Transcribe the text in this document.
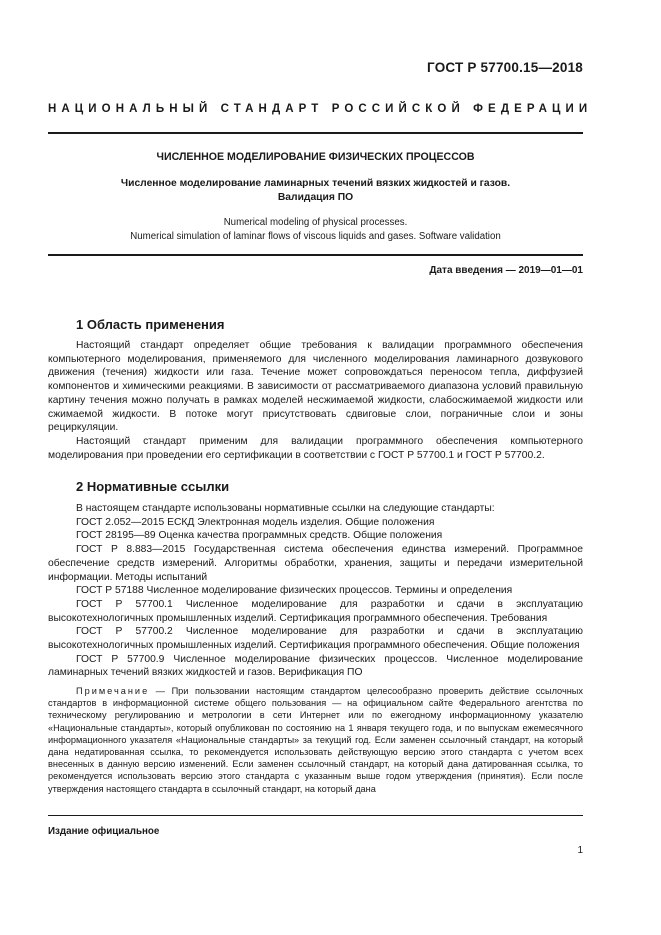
ГОСТ Р 57700.15—2018
НАЦИОНАЛЬНЫЙ СТАНДАРТ РОССИЙСКОЙ ФЕДЕРАЦИИ
ЧИСЛЕННОЕ МОДЕЛИРОВАНИЕ ФИЗИЧЕСКИХ ПРОЦЕССОВ
Численное моделирование ламинарных течений вязких жидкостей и газов.
Валидация ПО
Numerical modeling of physical processes.
Numerical simulation of laminar flows of viscous liquids and gases. Software validation
Дата введения — 2019—01—01
1 Область применения

Настоящий стандарт определяет общие требования к валидации программного обеспечения компьютерного моделирования, применяемого для численного моделирования ламинарного дозвукового движения (течения) жидкости или газа. Течение может сопровождаться переносом тепла, диффузией компонентов и химическими реакциями. В зависимости от рассматриваемого диапазона условий правильную картину течения можно получать в рамках моделей несжимаемой жидкости, слабосжимаемой жидкости или сжимаемой жидкости. В потоке могут присутствовать сдвиговые слои, пограничные слои и зоны рециркуляции.

Настоящий стандарт применим для валидации программного обеспечения компьютерного моделирования при проведении его сертификации в соответствии с ГОСТ Р 57700.1 и ГОСТ Р 57700.2.

2 Нормативные ссылки

В настоящем стандарте использованы нормативные ссылки на следующие стандарты:

ГОСТ 2.052—2015 ЕСКД Электронная модель изделия. Общие положения

ГОСТ 28195—89 Оценка качества программных средств. Общие положения

ГОСТ Р 8.883—2015 Государственная система обеспечения единства измерений. Программное обеспечение средств измерений. Алгоритмы обработки, хранения, защиты и передачи измерительной информации. Методы испытаний

ГОСТ Р 57188 Численное моделирование физических процессов. Термины и определения

ГОСТ Р 57700.1 Численное моделирование для разработки и сдачи в эксплуатацию высокотехнологичных промышленных изделий. Сертификация программного обеспечения. Требования

ГОСТ Р 57700.2 Численное моделирование для разработки и сдачи в эксплуатацию высокотехнологичных промышленных изделий. Сертификация программного обеспечения. Общие положения

ГОСТ Р 57700.9 Численное моделирование физических процессов. Численное моделирование ламинарных течений вязких жидкостей и газов. Верификация ПО

Примечание — При пользовании настоящим стандартом целесообразно проверить действие ссылочных стандартов в информационной системе общего пользования — на официальном сайте Федерального агентства по техническому регулированию и метрологии в сети Интернет или по ежегодному информационному указателю «Национальные стандарты», который опубликован по состоянию на 1 января текущего года, и по выпускам ежемесячного информационного указателя «Национальные стандарты» за текущий год. Если заменен ссылочный стандарт, на который дана недатированная ссылка, то рекомендуется использовать действующую версию этого стандарта с учетом всех внесенных в данную версию изменений. Если заменен ссылочный стандарт, на который дана датированная ссылка, то рекомендуется использовать версию этого стандарта с указанным выше годом утверждения (принятия). Если после утверждения настоящего стандарта в ссылочный стандарт, на который дана

Издание официальное
1
